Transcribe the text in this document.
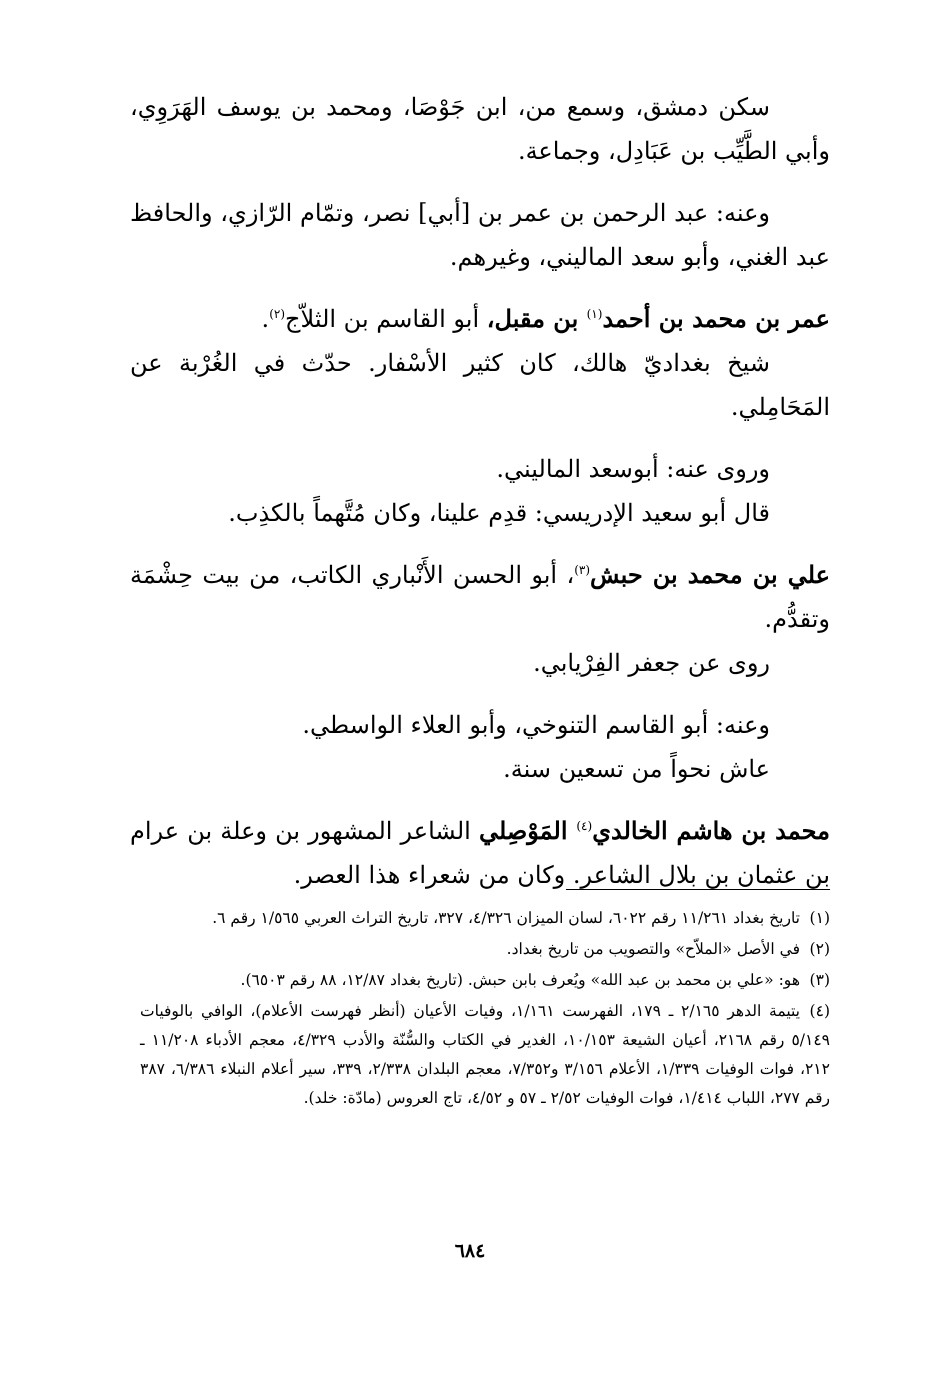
سكن دمشق، وسمع من، ابن جَوْصَا، ومحمد بن يوسف الهَرَوِي، وأبي الطَّيِّب بن عَبَادِل، وجماعة.

وعنه: عبد الرحمن بن عمر بن [أبي] نصر، وتمّام الرّازي، والحافظ عبد الغني، وأبو سعد الماليني، وغيرهم.

عمر بن محمد بن أحمد$^{(١)}$ بن مقبل، أبو القاسم بن الثلاّج$^{(٢)}$.

شيخ بغداديّ هالك، كان كثير الأسْفار. حدّث في الغُرْبة عن المَحَامِلي.

وروى عنه: أبوسعد الماليني.

قال أبو سعيد الإدريسي: قدِم علينا، وكان مُتَّهماً بالكذِب.

علي بن محمد بن حبش$^{(٣)}$، أبو الحسن الأَنْباري الكاتب، من بيت حِشْمَة وتقدُّم.

روى عن جعفر الفِرْيابي.

وعنه: أبو القاسم التنوخي، وأبو العلاء الواسطي.

عاش نحواً من تسعين سنة.

محمد بن هاشم الخالدي$^{(٤)}$ المَوْصِلي الشاعر المشهور بن وعلة بن عرام بن عثمان بن بلال الشاعر. وكان من شعراء هذا العصر.

(١)تاريخ بغداد ١١/٢٦١ رقم ٦٠٢٢، لسان الميزان ٤/٣٢٦، ٣٢٧، تاريخ التراث العربي ١/٥٦٥ رقم ٦.

(٢)في الأصل «الملاّح» والتصويب من تاريخ بغداد.

(٣)هو: «علي بن محمد بن عبد الله» ويُعرف بابن حبش. (تاريخ بغداد ١٢/٨٧، ٨٨ رقم ٦٥٠٣).

(٤)يتيمة الدهر ٢/١٦٥ ـ ١٧٩، الفهرست ١/١٦١، وفيات الأعيان (أنظر فهرست الأعلام)، الوافي بالوفيات ٥/١٤٩ رقم ٢١٦٨، أعيان الشيعة ١٠/١٥٣، الغدير في الكتاب والسُّنّة والأدب ٤/٣٢٩، معجم الأدباء ١١/٢٠٨ ـ ٢١٢، فوات الوفيات ١/٣٣٩، الأعلام ٣/١٥٦ و٧/٣٥٢، معجم البلدان ٢/٣٣٨، ٣٣٩، سير أعلام النبلاء ٦/٣٨٦، ٣٨٧ رقم ٢٧٧، اللباب ١/٤١٤، فوات الوفيات ٢/٥٢ ـ ٥٧ و ٤/٥٢، تاج العروس (مادّة: خلد).

٦٨٤
